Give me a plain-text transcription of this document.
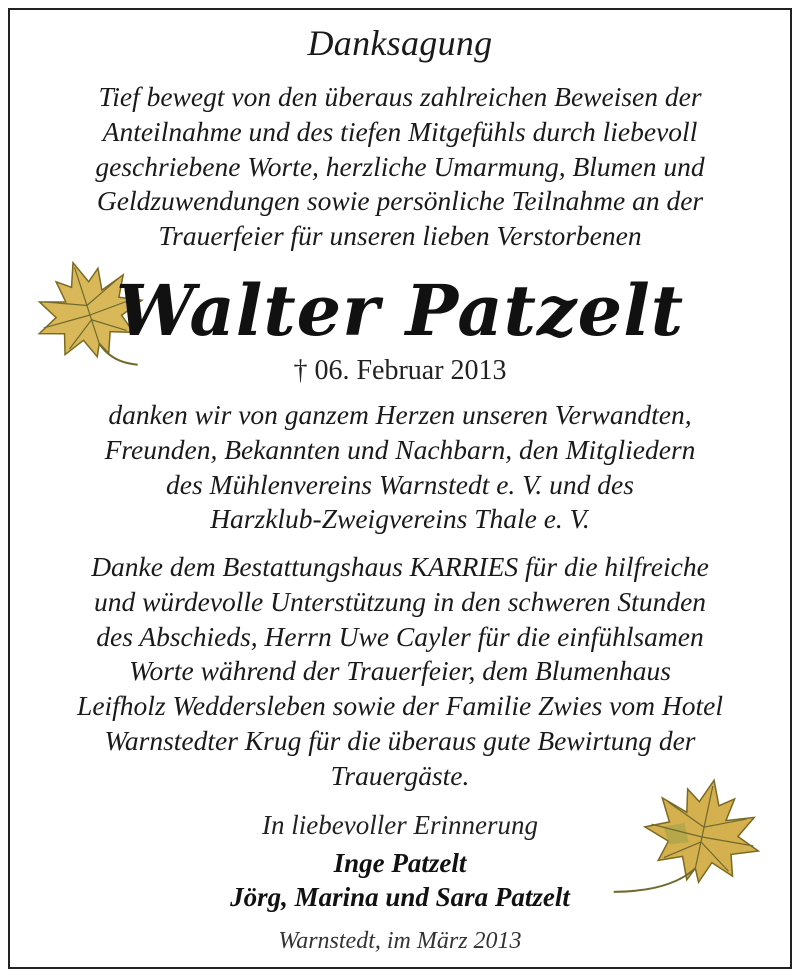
Danksagung

Tief bewegt von den überaus zahlreichen Beweisen der
Anteilnahme und des tiefen Mitgefühls durch liebevoll
geschriebene Worte, herzliche Umarmung, Blumen und
Geldzuwendungen sowie persönliche Teilnahme an der
Trauerfeier für unseren lieben Verstorbenen

Walter Patzelt
† 06. Februar 2013

danken wir von ganzem Herzen unseren Verwandten,
Freunden, Bekannten und Nachbarn, den Mitgliedern
des Mühlenvereins Warnstedt e. V. und des
Harzklub-Zweigvereins Thale e. V.

Danke dem Bestattungshaus KARRIES für die hilfreiche
und würdevolle Unterstützung in den schweren Stunden
des Abschieds, Herrn Uwe Cayler für die einfühlsamen
Worte während der Trauerfeier, dem Blumenhaus
Leifholz Weddersleben sowie der Familie Zwies vom Hotel
Warnstedter Krug für die überaus gute Bewirtung der
Trauergäste.

In liebevoller Erinnerung
Inge Patzelt
Jörg, Marina und Sara Patzelt
Warnstedt, im März 2013
